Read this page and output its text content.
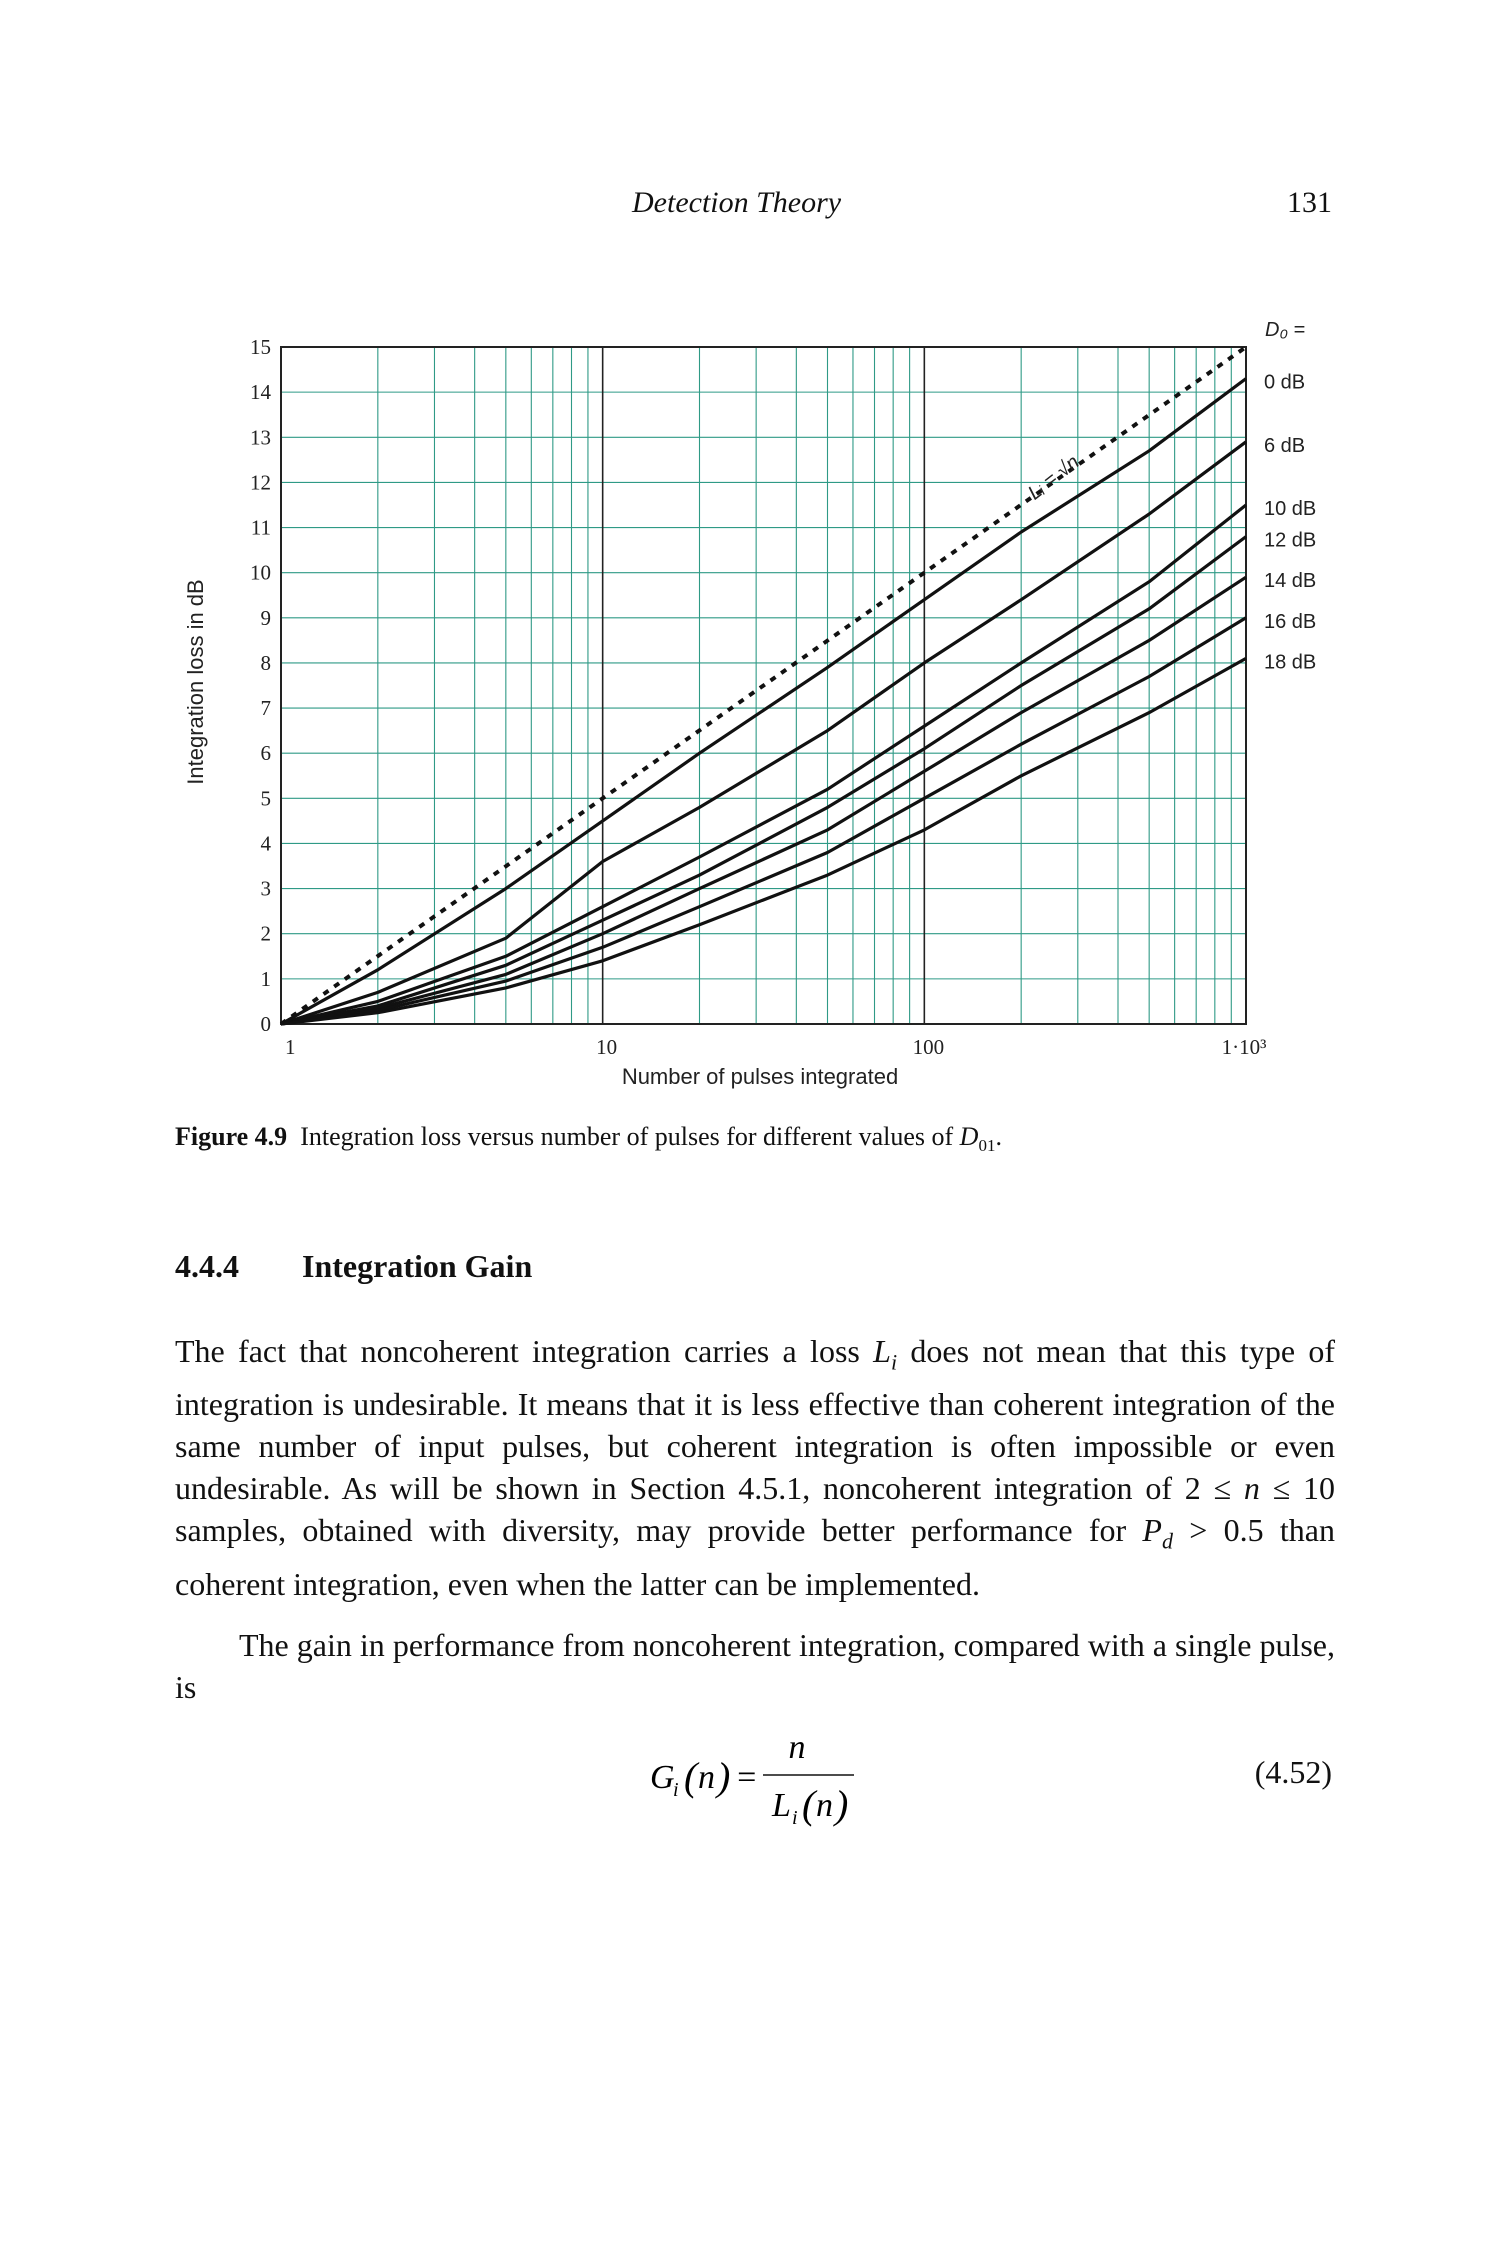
Detection Theory	131
0
1
2
3
4
5
6
7
8
9
10
11
12
13
14
15
1	10	100	1·10³
0 dB
6 dB
10 dB
12 dB
14 dB
16 dB
18 dB
Integration loss in dB
Number of pulses integrated
D₀ =
Lᵢ = √n
Figure 4.9 Integration loss versus number of pulses for different values of $D_{01}$.
4.4.4 Integration Gain
The fact that noncoherent integration carries a loss $L_i$ does not mean that this type of integration is undesirable. It means that it is less effective than coherent integration of the same number of input pulses, but coherent integration is often impossible or even undesirable. As will be shown in Section 4.5.1, noncoherent integration of 2 ≤ n ≤ 10 samples, obtained with diversity, may provide better performance for $P_d > 0.5$ than coherent integration, even when the latter can be implemented.
The gain in performance from noncoherent integration, compared with a single pulse, is
G
i ( n ) =
n
L i ( n )
(4.52)
